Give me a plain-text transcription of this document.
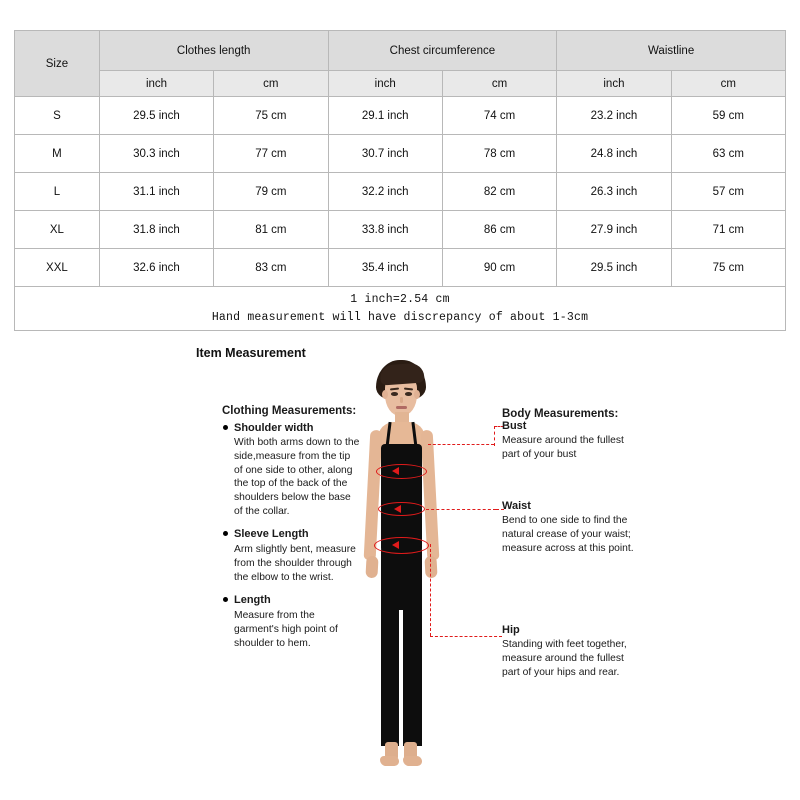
Size	Clothes length		Chest circumference		Waistline	
	inch	cm	inch	cm	inch	cm
S	29.5 inch	75 cm	29.1 inch	74 cm	23.2 inch	59 cm
M	30.3 inch	77 cm	30.7 inch	78 cm	24.8 inch	63 cm
L	31.1 inch	79 cm	32.2 inch	82 cm	26.3 inch	57 cm
XL	31.8 inch	81 cm	33.8 inch	86 cm	27.9 inch	71 cm
XXL	32.6 inch	83 cm	35.4 inch	90 cm	29.5 inch	75 cm

1 inch=2.54 cm
Hand measurement will have discrepancy of about 1-3cm						
Item Measurement
Clothing Measurements:
Shoulder width
With both arms down to the side,measure from the tip of one side to other, along the top of the back of the shoulders below the base of the collar.
Sleeve Length
Arm slightly bent, measure from the shoulder through the elbow to the wrist.
Length
Measure from the garment's high point of shoulder to hem.
Body Measurements:
Bust
Measure around the fullest part of your bust
Waist
Bend to one side to find the natural crease of your waist; measure across at this point.
Hip
Standing with feet together, measure around the fullest part of your hips and rear.
